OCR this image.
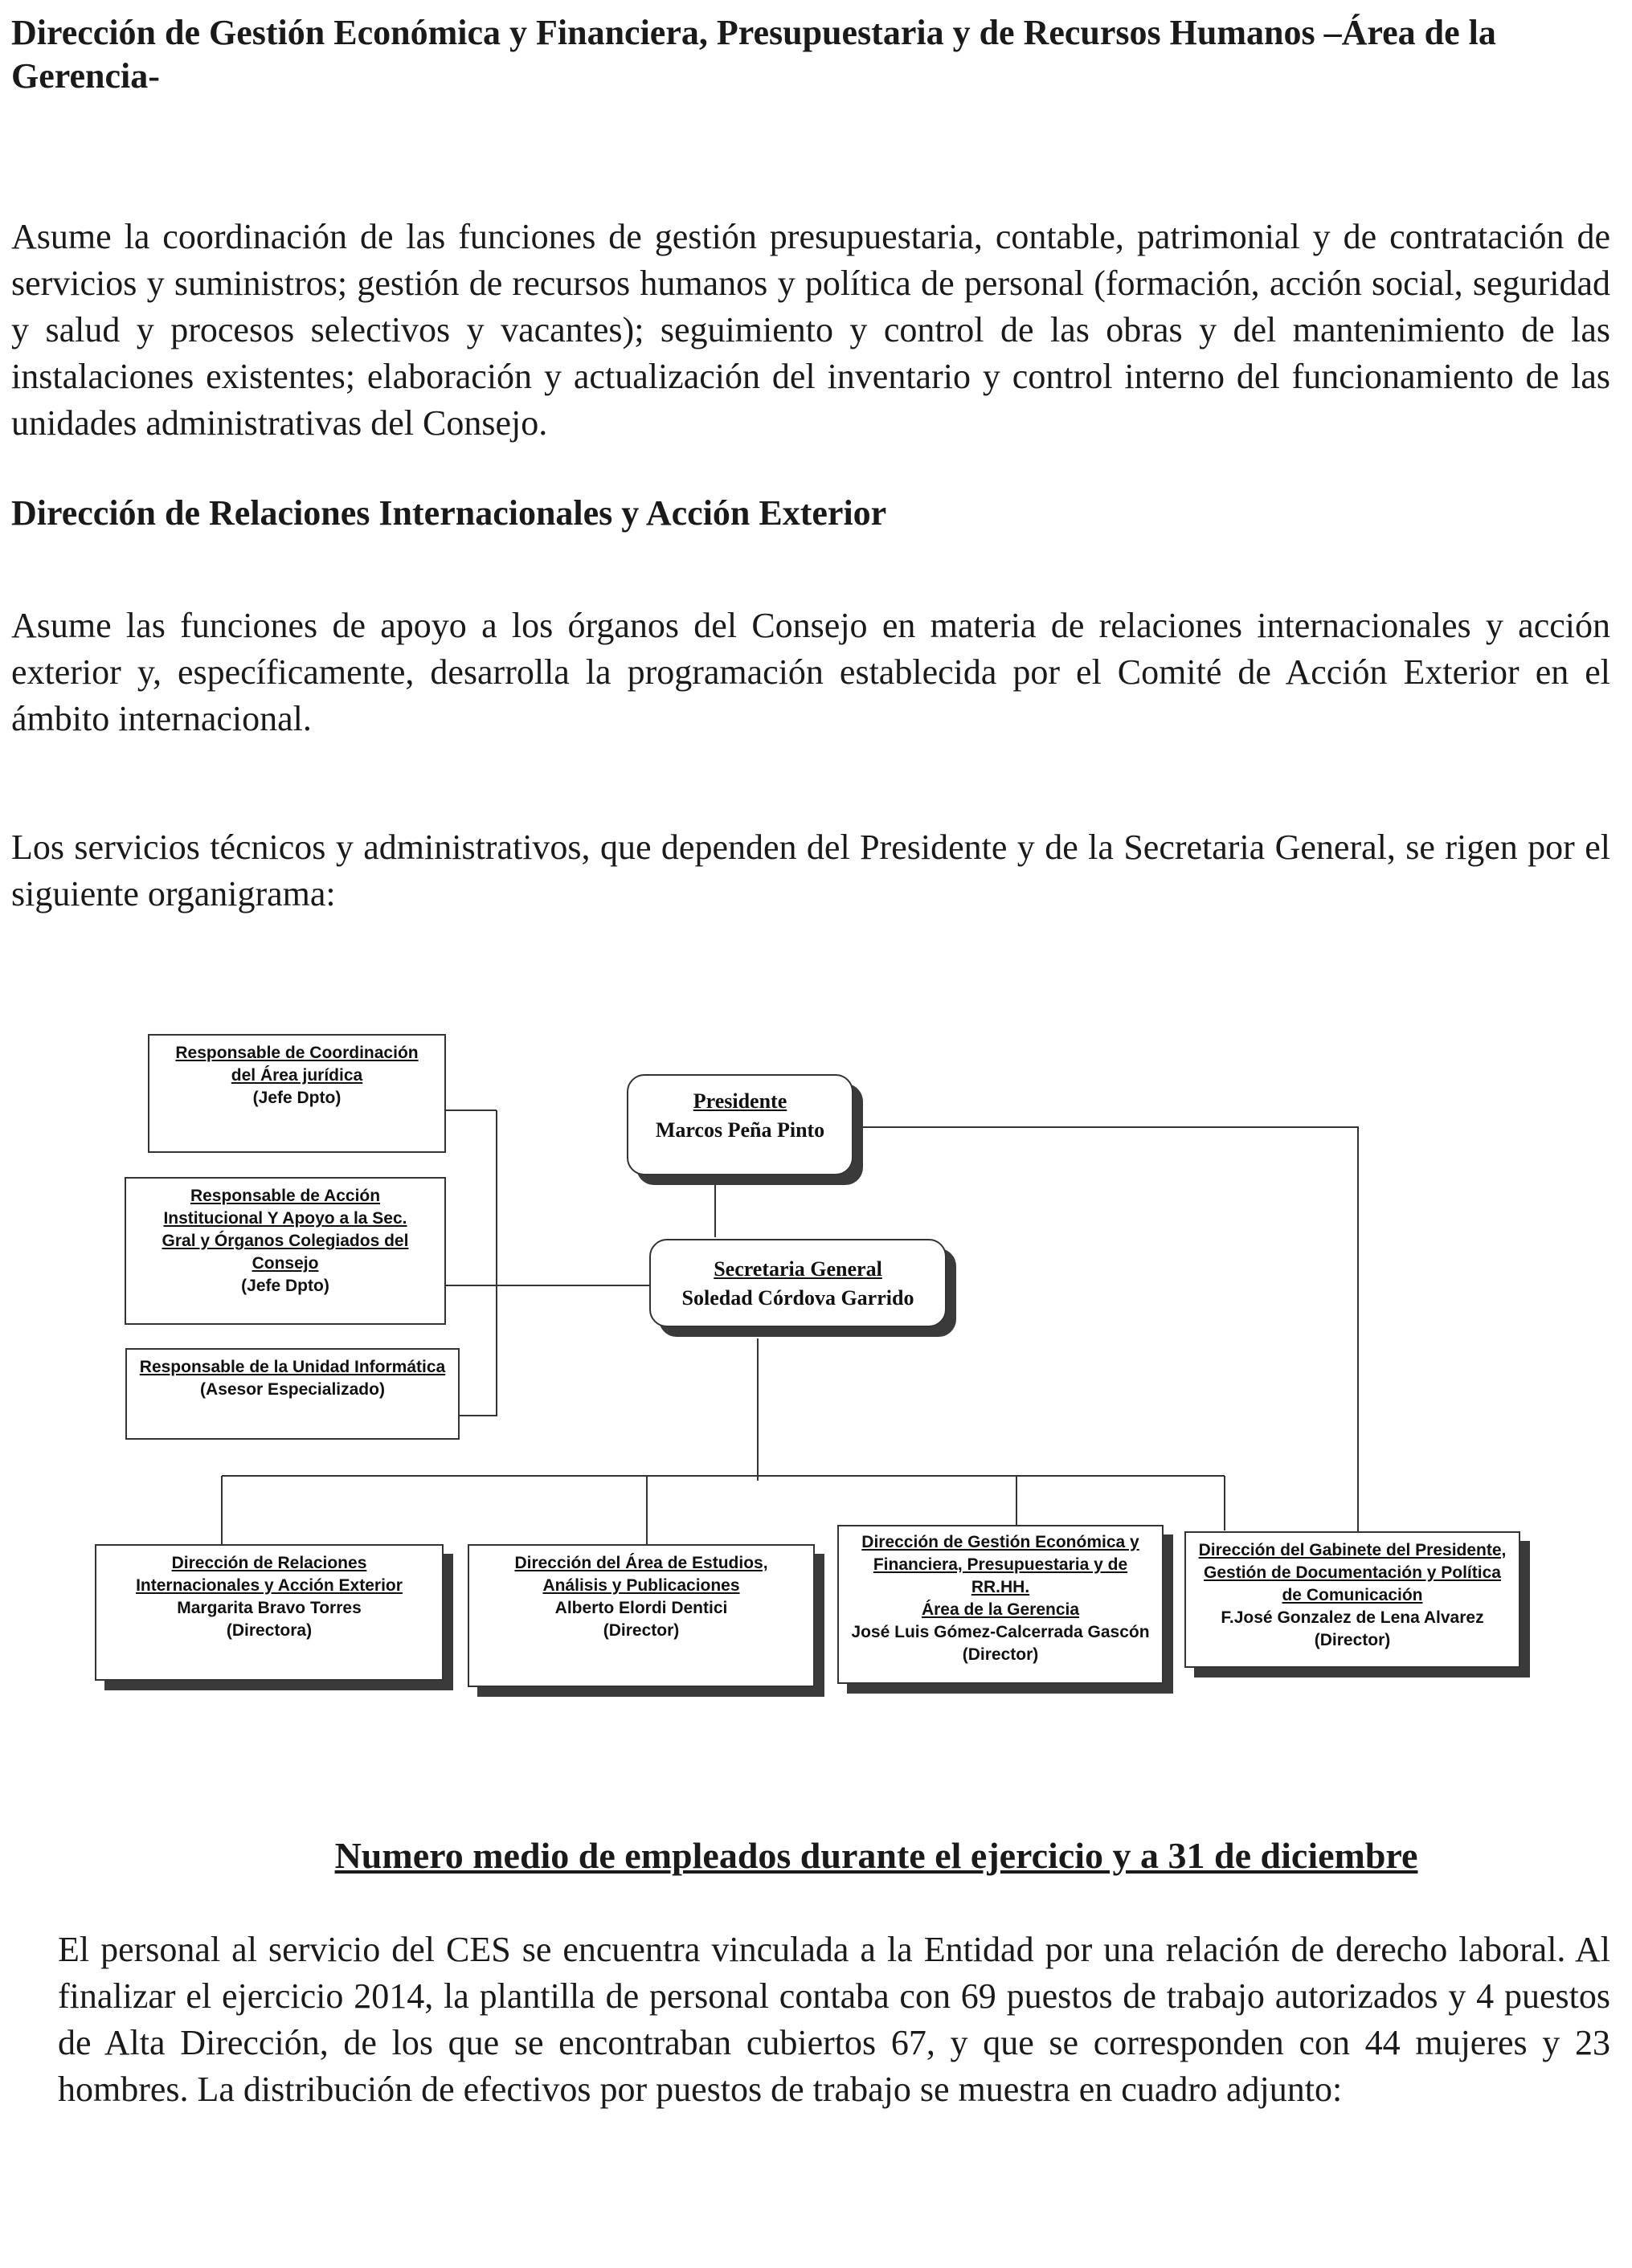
Dirección de Gestión Económica y Financiera, Presupuestaria y de Recursos Humanos –Área de la Gerencia-

Asume la coordinación de las funciones de gestión presupuestaria, contable, patrimonial y de contratación de servicios y suministros; gestión de recursos humanos y política de personal (formación, acción social, seguridad y salud y procesos selectivos y vacantes); seguimiento y control de las obras y del mantenimiento de las instalaciones existentes; elaboración y actualización del inventario y control interno del funcionamiento de las unidades administrativas del Consejo.

Dirección de Relaciones Internacionales y Acción Exterior

Asume las funciones de apoyo a los órganos del Consejo en materia de relaciones internacionales y acción exterior y, específicamente, desarrolla la programación establecida por el Comité de Acción Exterior en el ámbito internacional.

Los servicios técnicos y administrativos, que dependen del Presidente y de la Secretaria General, se rigen por el siguiente organigrama:

Responsable de Coordinación del Área jurídica
(Jefe Dpto)
Responsable de Acción Institucional Y Apoyo a la Sec. Gral y Órganos Colegiados del Consejo
(Jefe Dpto)
Responsable de la Unidad Informática
(Asesor Especializado)
Presidente
Marcos Peña Pinto
Secretaria General
Soledad Córdova Garrido
Dirección de Relaciones Internacionales y Acción Exterior
Margarita Bravo Torres
(Directora)
Dirección del Área de Estudios, Análisis y Publicaciones
Alberto Elordi Dentici
(Director)
Dirección de Gestión Económica y Financiera, Presupuestaria y de RR.HH.
Área de la Gerencia
José Luis Gómez-Calcerrada Gascón
(Director)
Dirección del Gabinete del Presidente, Gestión de Documentación y Política de Comunicación
F.José Gonzalez de Lena Alvarez
(Director)
Numero medio de empleados durante el ejercicio y a 31 de diciembre

El personal al servicio del CES se encuentra vinculada a la Entidad por una relación de derecho laboral. Al finalizar el ejercicio 2014, la plantilla de personal contaba con 69 puestos de trabajo autorizados y 4 puestos de Alta Dirección, de los que se encontraban cubiertos 67, y que se corresponden con 44 mujeres y 23 hombres. La distribución de efectivos por puestos de trabajo se muestra en cuadro adjunto:
